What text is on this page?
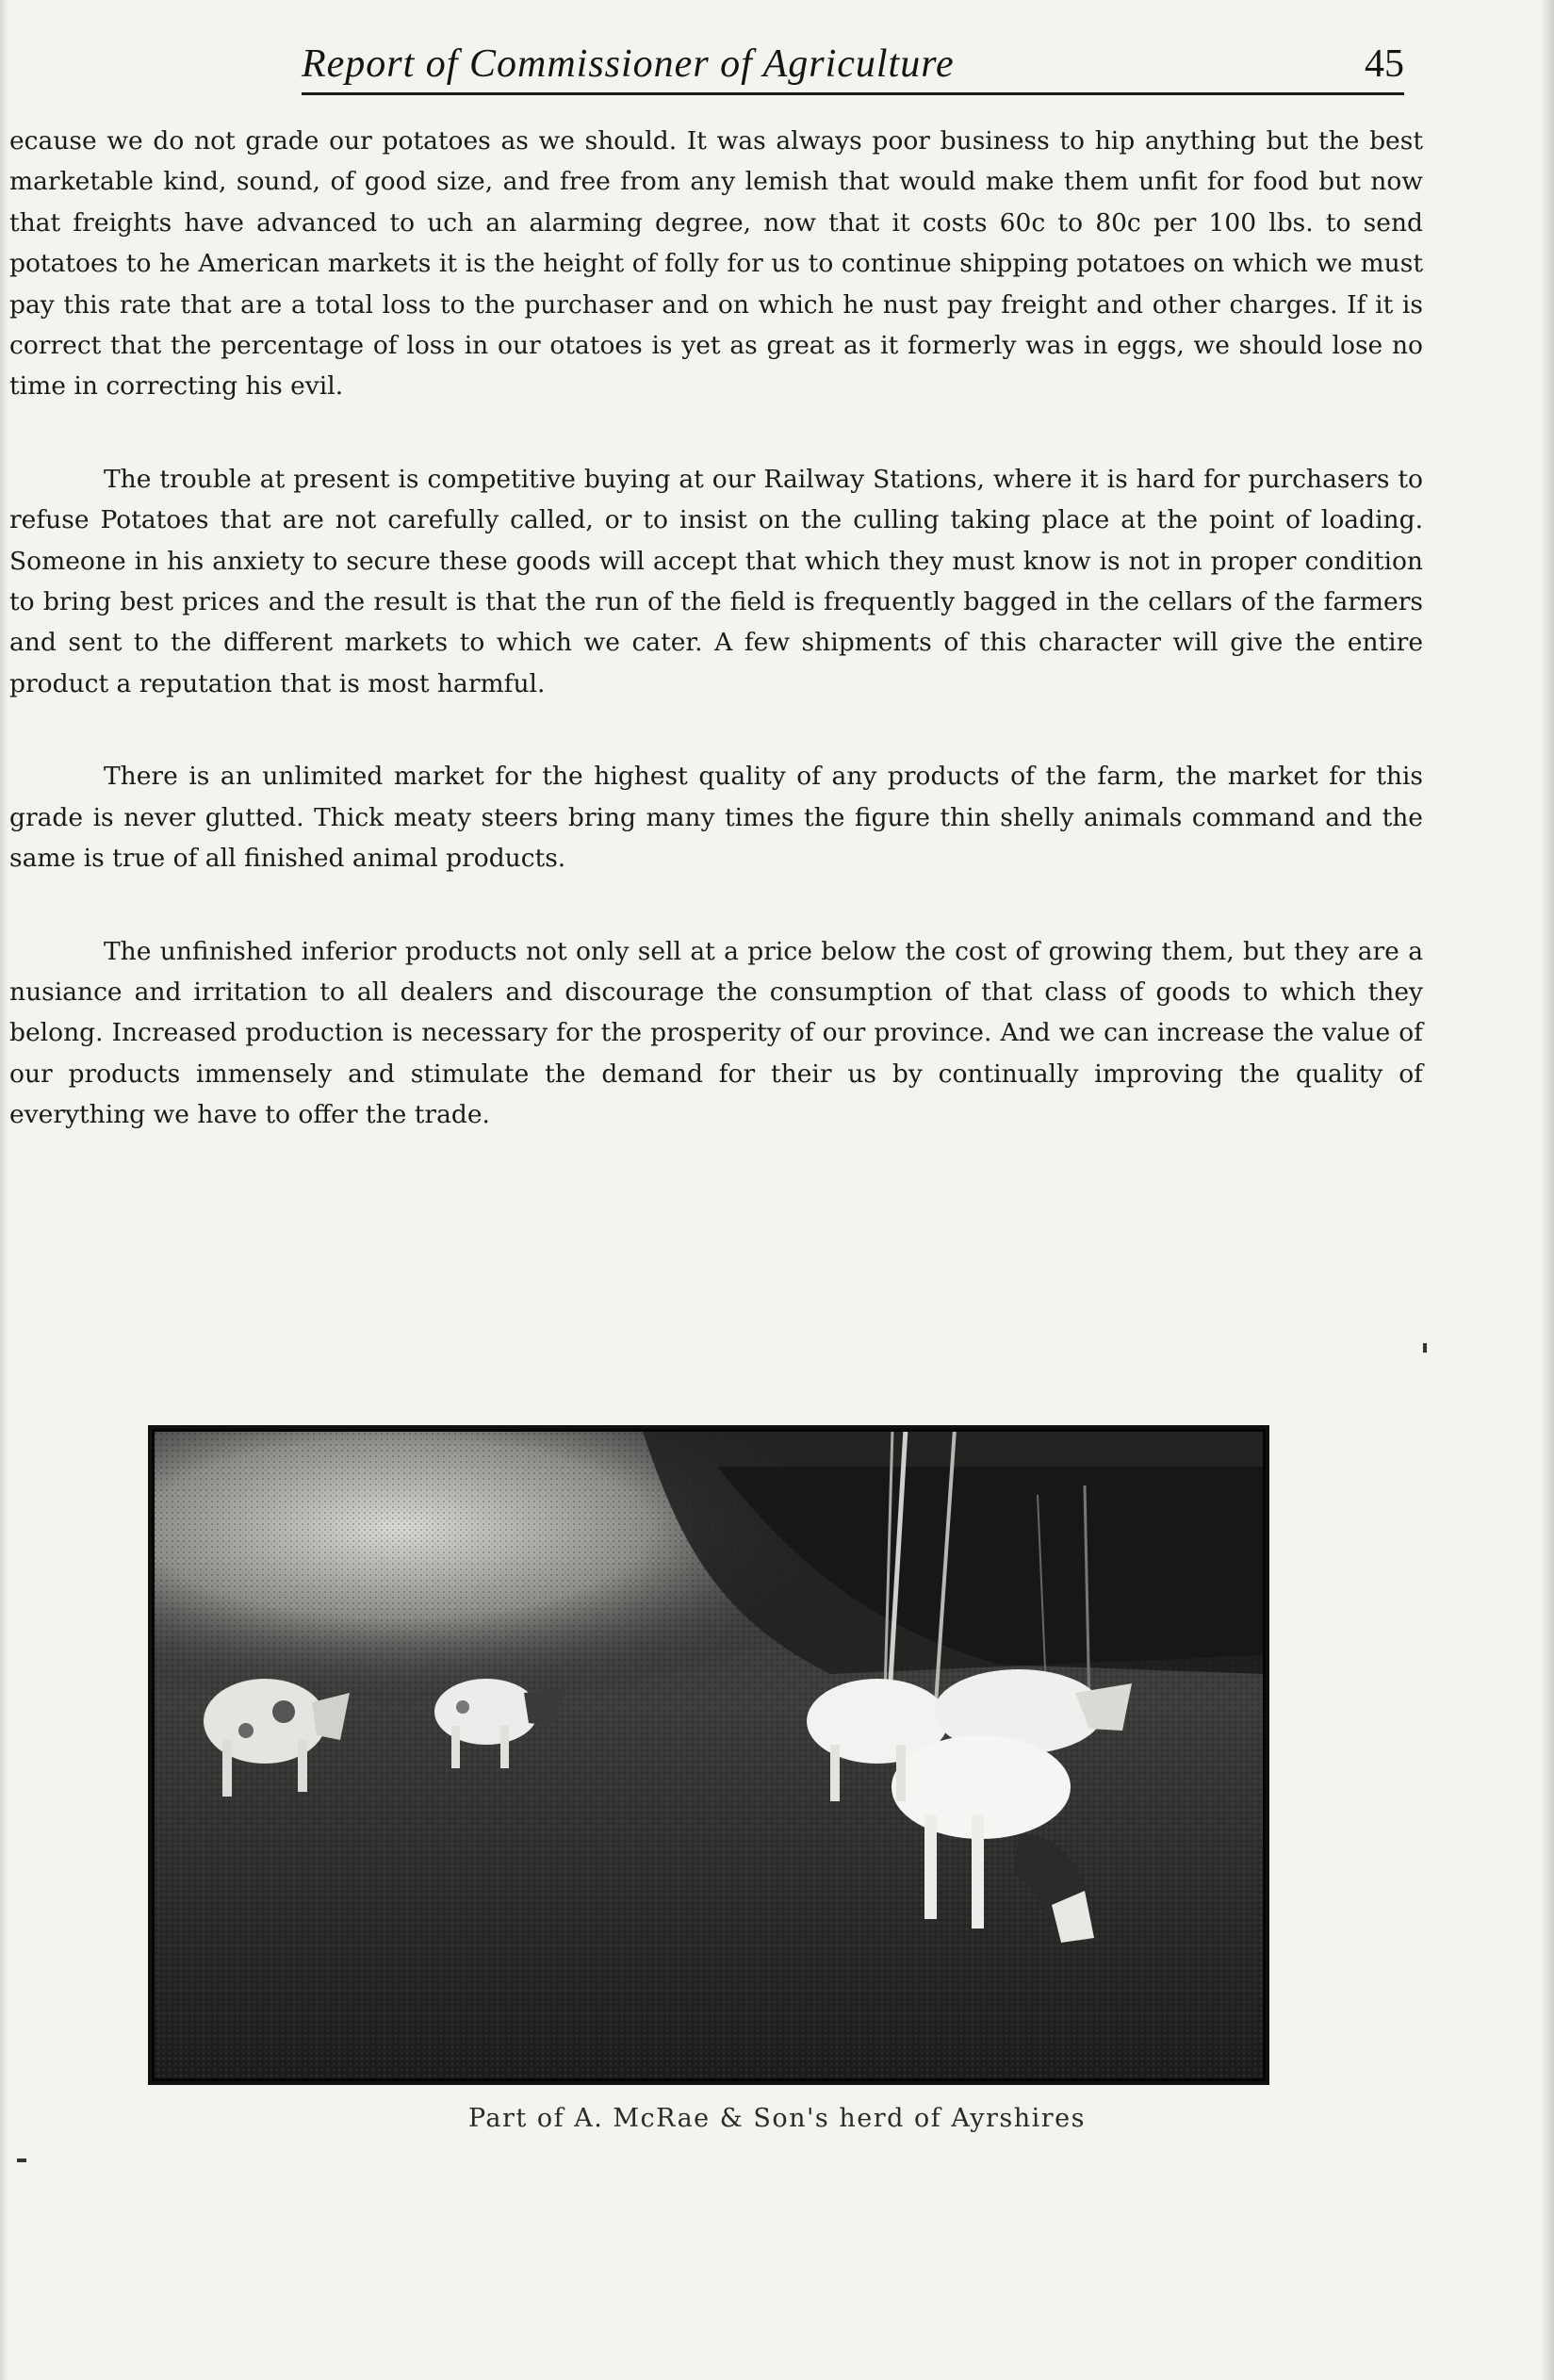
Report of Commissioner of Agriculture	45

ecause we do not grade our potatoes as we should. It was always poor business to hip anything but the best marketable kind, sound, of good size, and free from any lemish that would make them unfit for food but now that freights have advanced to uch an alarming degree, now that it costs 60c to 80c per 100 lbs. to send potatoes to he American markets it is the height of folly for us to continue shipping potatoes on which we must pay this rate that are a total loss to the purchaser and on which he nust pay freight and other charges. If it is correct that the percentage of loss in our otatoes is yet as great as it formerly was in eggs, we should lose no time in correcting his evil.

The trouble at present is competitive buying at our Railway Stations, where it is hard for purchasers to refuse Potatoes that are not carefully called, or to insist on the culling taking place at the point of loading. Someone in his anxiety to secure these goods will accept that which they must know is not in proper condition to bring best prices and the result is that the run of the field is frequently bagged in the cellars of the farmers and sent to the different markets to which we cater. A few shipments of this character will give the entire product a reputation that is most harmful.

There is an unlimited market for the highest quality of any products of the farm, the market for this grade is never glutted. Thick meaty steers bring many times the figure thin shelly animals command and the same is true of all finished animal products.

The unfinished inferior products not only sell at a price below the cost of growing them, but they are a nusiance and irritation to all dealers and discourage the consumption of that class of goods to which they belong. Increased production is necessary for the prosperity of our province. And we can increase the value of our products immensely and stimulate the demand for their us by continually improving the quality of everything we have to offer the trade.

Part of A. McRae & Son's herd of Ayrshires
